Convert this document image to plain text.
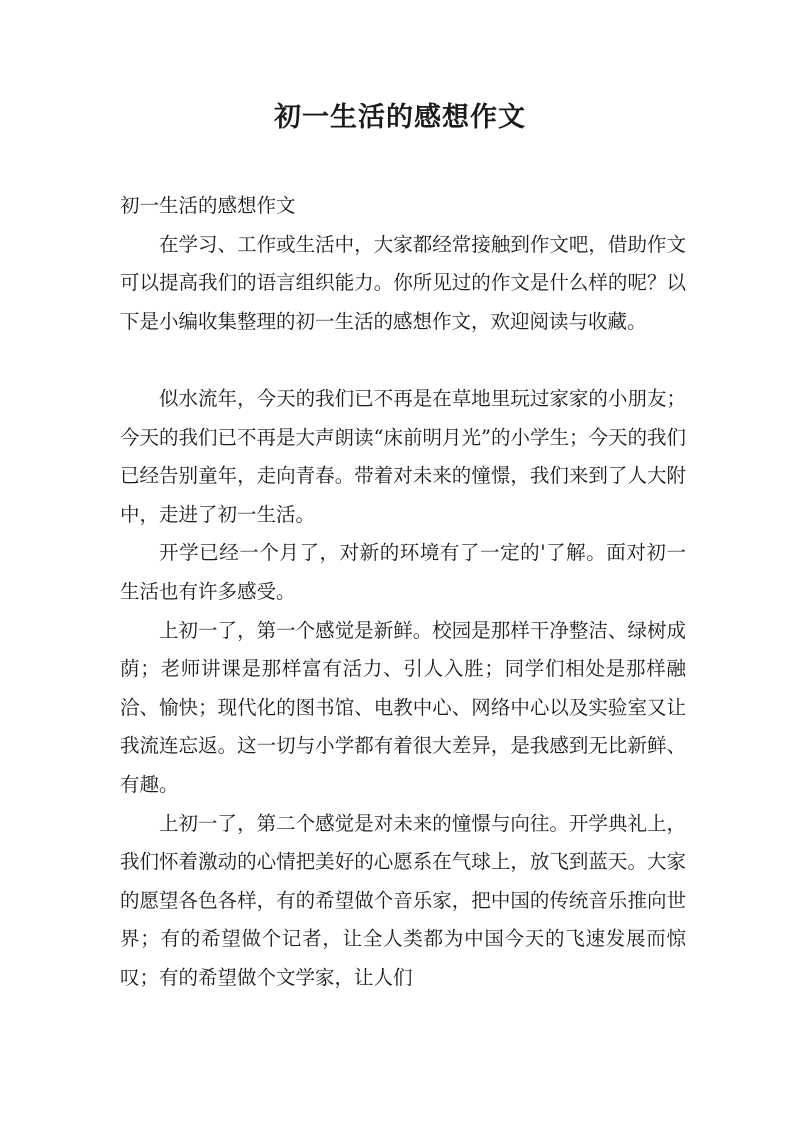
初一生活的感想作文

初一生活的感想作文

在学习、工作或生活中，大家都经常接触到作文吧，借助作文可以提高我们的语言组织能力。你所见过的作文是什么样的呢？以下是小编收集整理的初一生活的感想作文，欢迎阅读与收藏。

似水流年，今天的我们已不再是在草地里玩过家家的小朋友；今天的我们已不再是大声朗读“床前明月光”的小学生；今天的我们已经告别童年，走向青春。带着对未来的憧憬，我们来到了人大附中，走进了初一生活。

开学已经一个月了，对新的环境有了一定的'了解。面对初一生活也有许多感受。

上初一了，第一个感觉是新鲜。校园是那样干净整洁、绿树成荫；老师讲课是那样富有活力、引人入胜；同学们相处是那样融洽、愉快；现代化的图书馆、电教中心、网络中心以及实验室又让我流连忘返。这一切与小学都有着很大差异，是我感到无比新鲜、有趣。

上初一了，第二个感觉是对未来的憧憬与向往。开学典礼上，我们怀着激动的心情把美好的心愿系在气球上，放飞到蓝天。大家的愿望各色各样，有的希望做个音乐家，把中国的传统音乐推向世界；有的希望做个记者，让全人类都为中国今天的飞速发展而惊叹；有的希望做个文学家，让人们
